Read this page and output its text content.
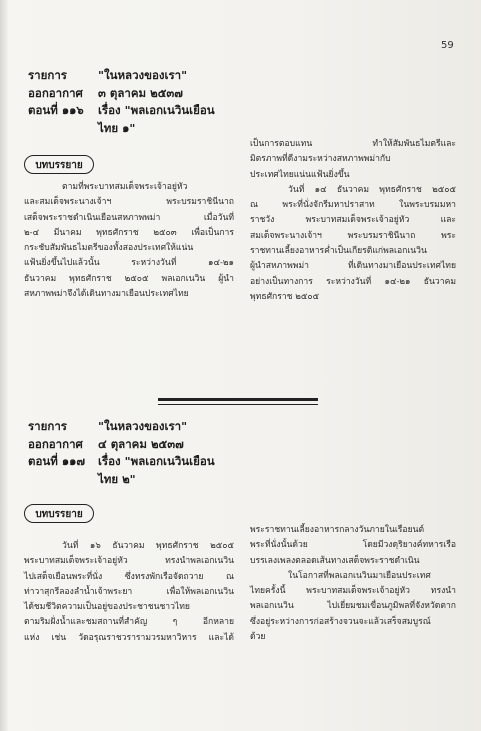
59
รายการ	"ในหลวงของเรา"
ออกอากาศ	๓ ตุลาคม ๒๕๓๗
ตอนที่ ๑๑๖	เรื่อง "พลเอกเนวินเยือน
ไทย ๑"
บทบรรยาย

ตามที่พระบาทสมเด็จพระเจ้าอยู่หัว
และสมเด็จพระนางเจ้าฯ พระบรมราชินีนาถ
เสด็จพระราชดำเนินเยือนสหภาพพม่า เมื่อวันที่
๒-๔ มีนาคม พุทธศักราช ๒๕๐๓ เพื่อเป็นการ
กระชับสัมพันธไมตรีของทั้งสองประเทศให้แน่น
แฟ้นยิ่งขึ้นไปแล้วนั้น ระหว่างวันที่ ๑๔-๒๑
ธันวาคม พุทธศักราช ๒๕๐๕ พลเอกเนวิน ผู้นำ
สหภาพพม่าจึงได้เดินทางมาเยือนประเทศไทย

เป็นการตอบแทน ทำให้สัมพันธไมตรีและ
มิตรภาพที่ดีงามระหว่างสหภาพพม่ากับ
ประเทศไทยแน่นแฟ้นยิ่งขึ้น

วันที่ ๑๔ ธันวาคม พุทธศักราช ๒๕๐๕
ณ พระที่นั่งจักรีมหาปราสาท ในพระบรมมหา
ราชวัง พระบาทสมเด็จพระเจ้าอยู่หัว และ
สมเด็จพระนางเจ้าฯ พระบรมราชินีนาถ พระ
ราชทานเลี้ยงอาหารค่ำเป็นเกียรติแก่พลเอกเนวิน
ผู้นำสหภาพพม่า ที่เดินทางมาเยือนประเทศไทย
อย่างเป็นทางการ ระหว่างวันที่ ๑๔-๒๑ ธันวาคม
พุทธศักราช ๒๕๐๕

รายการ	"ในหลวงของเรา"
ออกอากาศ	๔ ตุลาคม ๒๕๓๗
ตอนที่ ๑๑๗	เรื่อง "พลเอกเนวินเยือน
ไทย ๒"
บทบรรยาย

วันที่ ๑๖ ธันวาคม พุทธศักราช ๒๕๐๕
พระบาทสมเด็จพระเจ้าอยู่หัว ทรงนำพลเอกเนวิน
ไปเสด็จเยือนพระที่นั่ง ซึ่งทรงพักเรือจัดถวาย ณ
ท่าวาสุกรีลองลำน้ำเจ้าพระยา เพื่อให้พลเอกเนวิน
ได้ชมชีวิตความเป็นอยู่ของประชาชนชาวไทย
ตามริมฝั่งน้ำและชมสถานที่สำคัญ ๆ อีกหลาย
แห่ง เช่น วัดอรุณราชวรารามวรมหาวิหาร และได้

พระราชทานเลี้ยงอาหารกลางวันภายในเรือยนต์
พระที่นั่งนั้นด้วย โดยมีวงดุริยางค์ทหารเรือ
บรรเลงเพลงตลอดเส้นทางเสด็จพระราชดำเนิน

ในโอกาสที่พลเอกเนวินมาเยือนประเทศ
ไทยครั้งนี้ พระบาทสมเด็จพระเจ้าอยู่หัว ทรงนำ
พลเอกเนวิน ไปเยี่ยมชมเขื่อนภูมิพลที่จังหวัดตาก
ซึ่งอยู่ระหว่างการก่อสร้างจวนจะแล้วเสร็จสมบูรณ์
ด้วย
